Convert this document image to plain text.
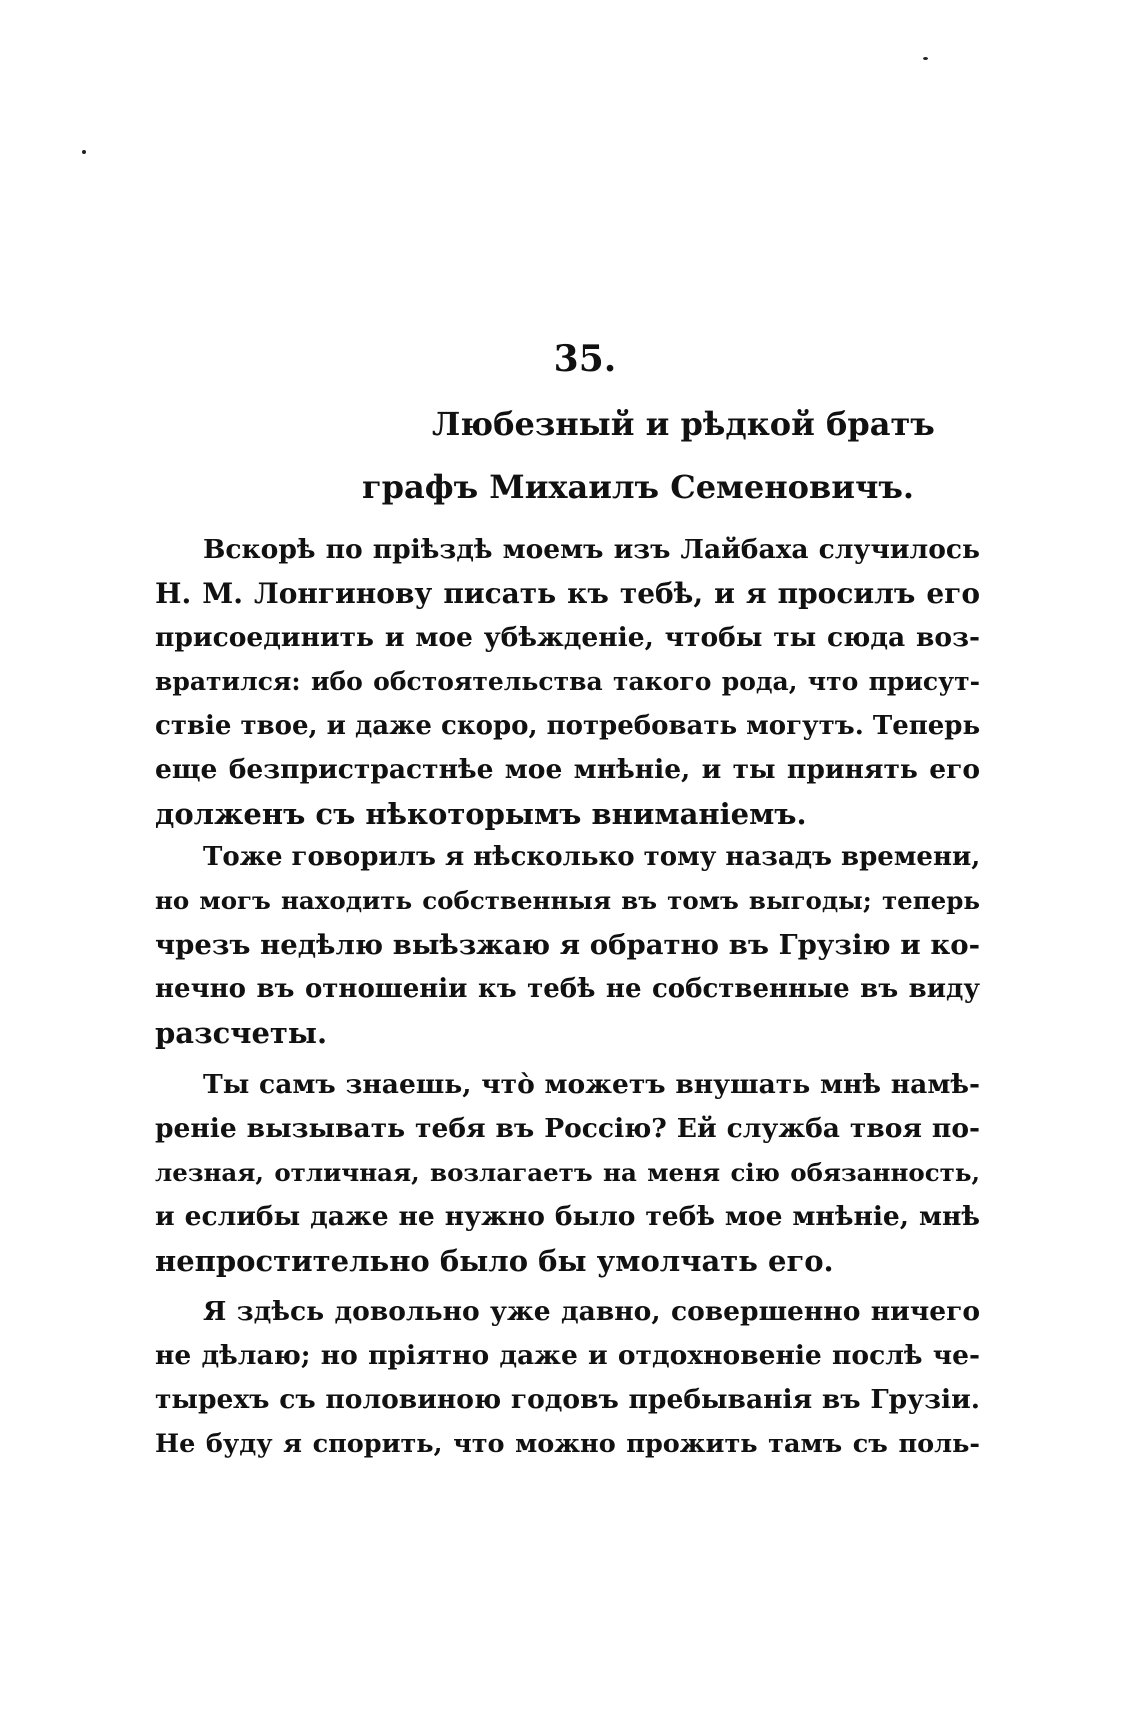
35.
Любезный и рѣдкой братъ
графъ Михаилъ Семеновичъ.
Вскорѣ по пріѣздѣ моемъ изъ Лайбаха случилось
Н. М. Лонгинову писать къ тебѣ, и я просилъ его
присоединить и мое убѣжденіе, чтобы ты сюда воз-
вратился: ибо обстоятельства такого рода, что присут-
ствіе твое, и даже скоро, потребовать могутъ. Теперь
еще безпристрастнѣе мое мнѣніе, и ты принять его
долженъ съ нѣкоторымъ вниманіемъ.
Тоже говорилъ я нѣсколько тому назадъ времени,
но могъ находить собственныя въ томъ выгоды; теперь
чрезъ недѣлю выѣзжаю я обратно въ Грузію и ко-
нечно въ отношеніи къ тебѣ не собственные въ виду
разсчеты.
Ты самъ знаешь, что̀ можетъ внушать мнѣ намѣ-
реніе вызывать тебя въ Россію? Ей служба твоя по-
лезная, отличная, возлагаетъ на меня сію обязанность,
и еслибы даже не нужно было тебѣ мое мнѣніе, мнѣ
непростительно было бы умолчать его.
Я здѣсь довольно уже давно, совершенно ничего
не дѣлаю; но пріятно даже и отдохновеніе послѣ че-
тырехъ съ половиною годовъ пребыванія въ Грузіи.
Не буду я спорить, что можно прожить тамъ съ поль-
